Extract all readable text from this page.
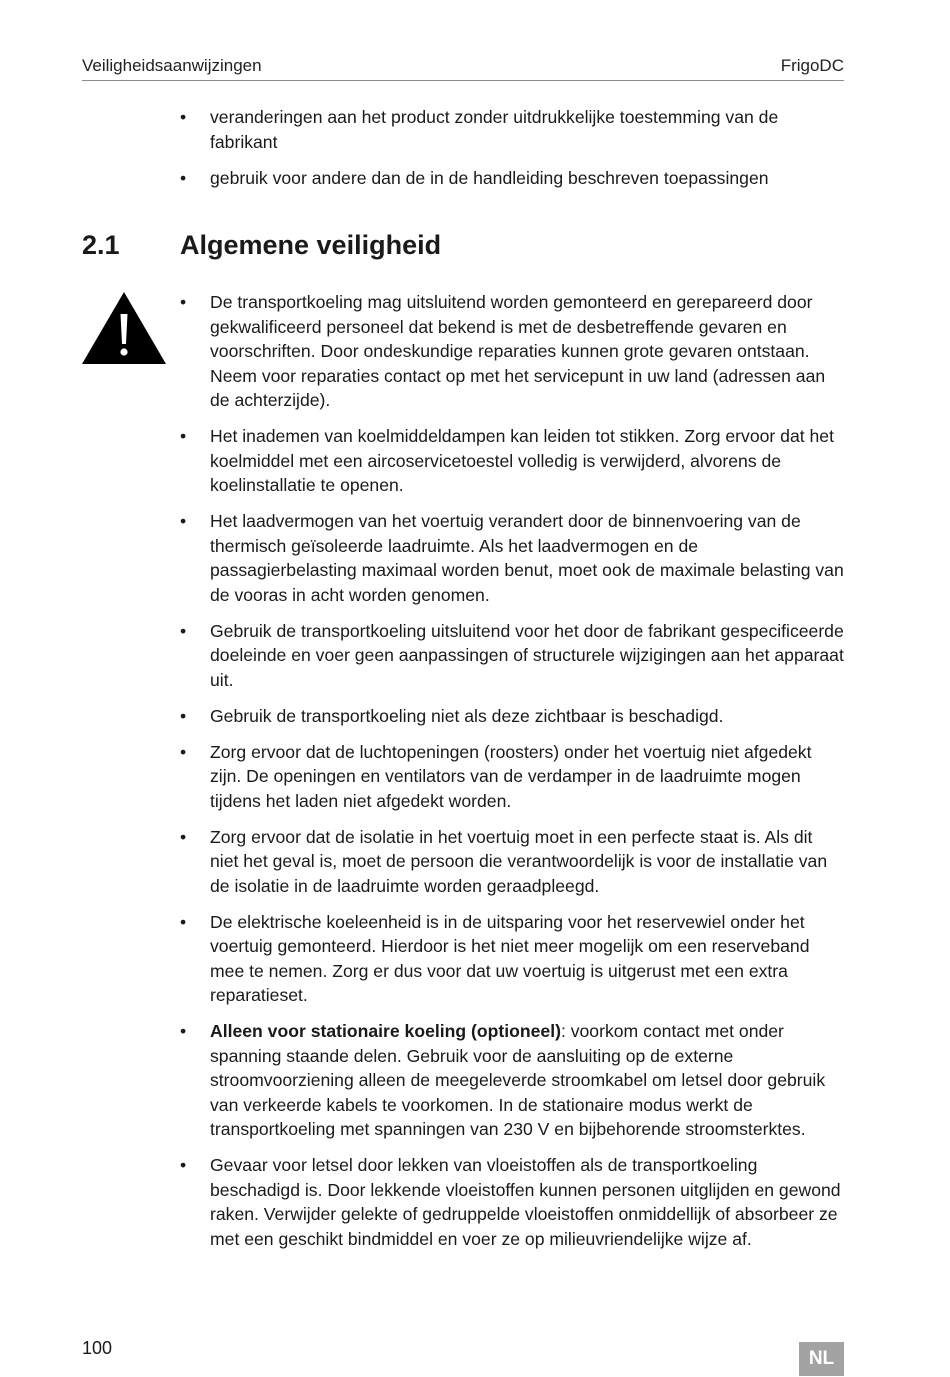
Veiligheidsaanwijzingen	FrigoDC
• veranderingen aan het product zonder uitdrukkelijke toestemming van de fabrikant
• gebruik voor andere dan de in de handleiding beschreven toepassingen
2.1 Algemene veiligheid
• De transportkoeling mag uitsluitend worden gemonteerd en gerepareerd door gekwalificeerd personeel dat bekend is met de desbetreffende gevaren en voorschriften. Door ondeskundige reparaties kunnen grote gevaren ontstaan. Neem voor reparaties contact op met het servicepunt in uw land (adressen aan de achterzijde).
• Het inademen van koelmiddeldampen kan leiden tot stikken. Zorg ervoor dat het koelmiddel met een aircoservicetoestel volledig is verwijderd, alvorens de koelinstallatie te openen.
• Het laadvermogen van het voertuig verandert door de binnenvoering van de thermisch geïsoleerde laadruimte. Als het laadvermogen en de passagierbelasting maximaal worden benut, moet ook de maximale belasting van de vooras in acht worden genomen.
• Gebruik de transportkoeling uitsluitend voor het door de fabrikant gespecificeerde doeleinde en voer geen aanpassingen of structurele wijzigingen aan het apparaat uit.
• Gebruik de transportkoeling niet als deze zichtbaar is beschadigd.
• Zorg ervoor dat de luchtopeningen (roosters) onder het voertuig niet afgedekt zijn. De openingen en ventilators van de verdamper in de laadruimte mogen tijdens het laden niet afgedekt worden.
• Zorg ervoor dat de isolatie in het voertuig moet in een perfecte staat is. Als dit niet het geval is, moet de persoon die verantwoordelijk is voor de installatie van de isolatie in de laadruimte worden geraadpleegd.
• De elektrische koeleenheid is in de uitsparing voor het reservewiel onder het voertuig gemonteerd. Hierdoor is het niet meer mogelijk om een reserveband mee te nemen. Zorg er dus voor dat uw voertuig is uitgerust met een extra reparatieset.
• Alleen voor stationaire koeling (optioneel): voorkom contact met onder spanning staande delen. Gebruik voor de aansluiting op de externe stroomvoorziening alleen de meegeleverde stroomkabel om letsel door gebruik van verkeerde kabels te voorkomen. In de stationaire modus werkt de transportkoeling met spanningen van 230 V en bijbehorende stroomsterktes.
• Gevaar voor letsel door lekken van vloeistoffen als de transportkoeling beschadigd is. Door lekkende vloeistoffen kunnen personen uitglijden en gewond raken. Verwijder gelekte of gedruppelde vloeistoffen onmiddellijk of absorbeer ze met een geschikt bindmiddel en voer ze op milieuvriendelijke wijze af.
100	NL
